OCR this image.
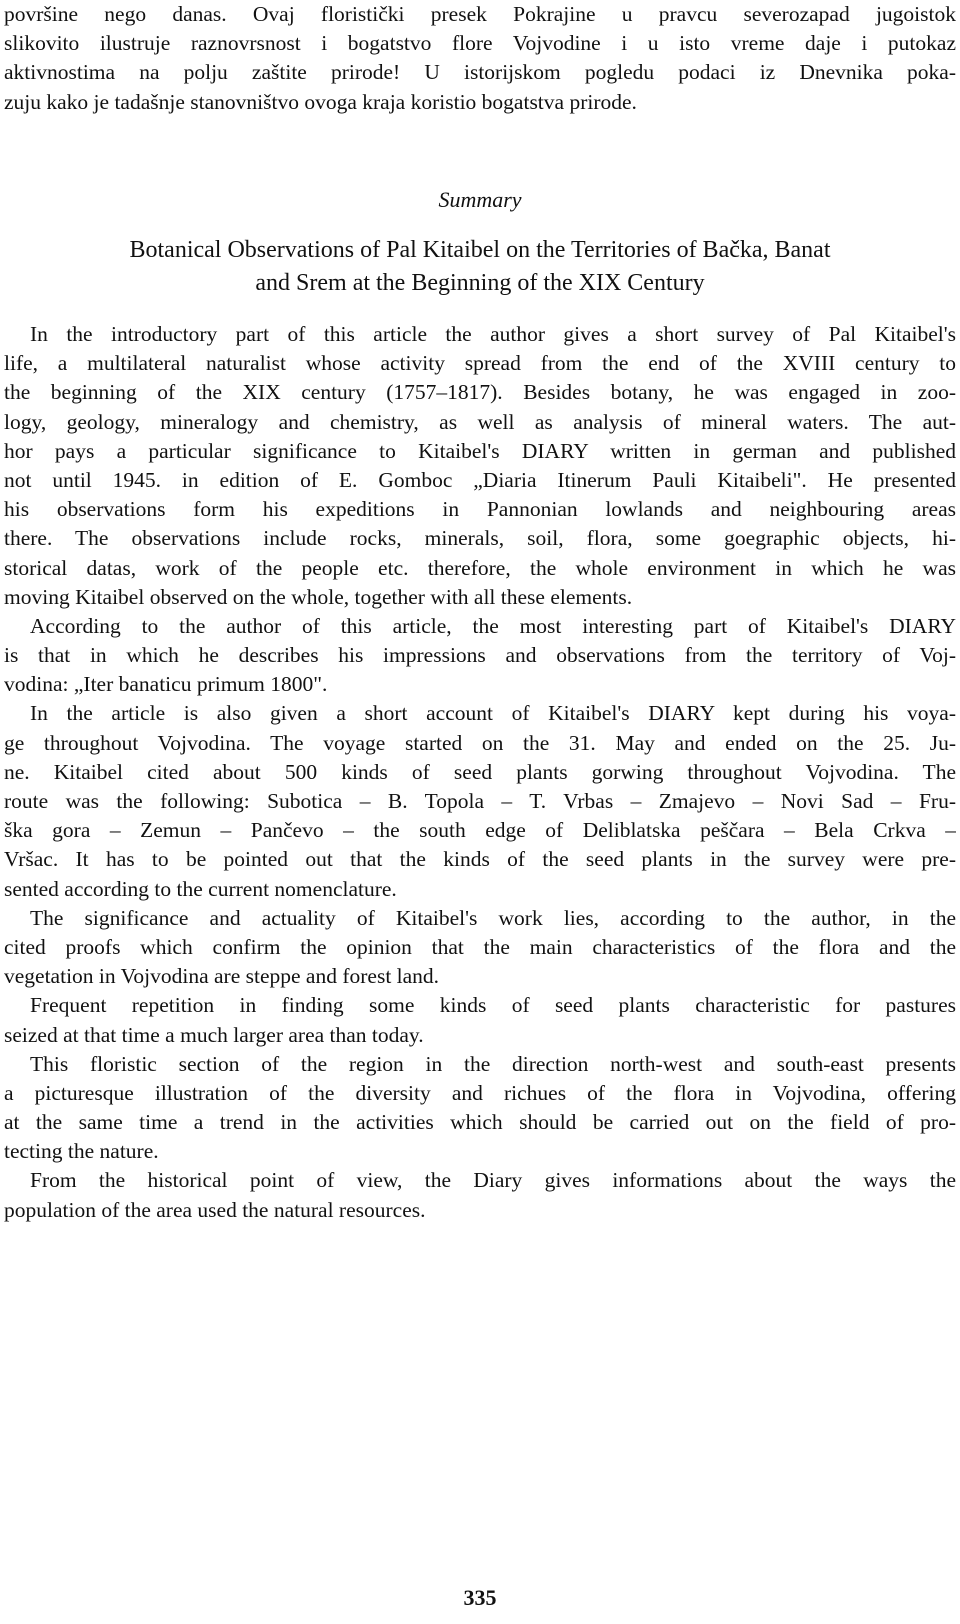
površine nego danas. Ovaj floristički presek Pokrajine u pravcu severozapad jugoistok
slikovito ilustruje raznovrsnost i bogatstvo flore Vojvodine i u isto vreme daje i putokaz
aktivnostima na polju zaštite prirode! U istorijskom pogledu podaci iz Dnevnika poka-
zuju kako je tadašnje stanovništvo ovoga kraja koristio bogatstva prirode.
Summary
Botanical Observations of Pal Kitaibel on the Territories of Bačka, Banat
and Srem at the Beginning of the XIX Century
In the introductory part of this article the author gives a short survey of Pal Kitaibel's
life, a multilateral naturalist whose activity spread from the end of the XVIII century to
the beginning of the XIX century (1757–1817). Besides botany, he was engaged in zoo-
logy, geology, mineralogy and chemistry, as well as analysis of mineral waters. The aut-
hor pays a particular significance to Kitaibel's DIARY written in german and published
not until 1945. in edition of E. Gomboc „Diaria Itinerum Pauli Kitaibeli". He presented
his observations form his expeditions in Pannonian lowlands and neighbouring areas
there. The observations include rocks, minerals, soil, flora, some goegraphic objects, hi-
storical datas, work of the people etc. therefore, the whole environment in which he was
moving Kitaibel observed on the whole, together with all these elements.
According to the author of this article, the most interesting part of Kitaibel's DIARY
is that in which he describes his impressions and observations from the territory of Voj-
vodina: „Iter banaticu primum 1800".
In the article is also given a short account of Kitaibel's DIARY kept during his voya-
ge throughout Vojvodina. The voyage started on the 31. May and ended on the 25. Ju-
ne. Kitaibel cited about 500 kinds of seed plants gorwing throughout Vojvodina. The
route was the following: Subotica – B. Topola – T. Vrbas – Zmajevo – Novi Sad – Fru-
ška gora – Zemun – Pančevo – the south edge of Deliblatska peščara – Bela Crkva –
Vršac. It has to be pointed out that the kinds of the seed plants in the survey were pre-
sented according to the current nomenclature.
The significance and actuality of Kitaibel's work lies, according to the author, in the
cited proofs which confirm the opinion that the main characteristics of the flora and the
vegetation in Vojvodina are steppe and forest land.
Frequent repetition in finding some kinds of seed plants characteristic for pastures
seized at that time a much larger area than today.
This floristic section of the region in the direction north-west and south-east presents
a picturesque illustration of the diversity and richues of the flora in Vojvodina, offering
at the same time a trend in the activities which should be carried out on the field of pro-
tecting the nature.
From the historical point of view, the Diary gives informations about the ways the
population of the area used the natural resources.
335
